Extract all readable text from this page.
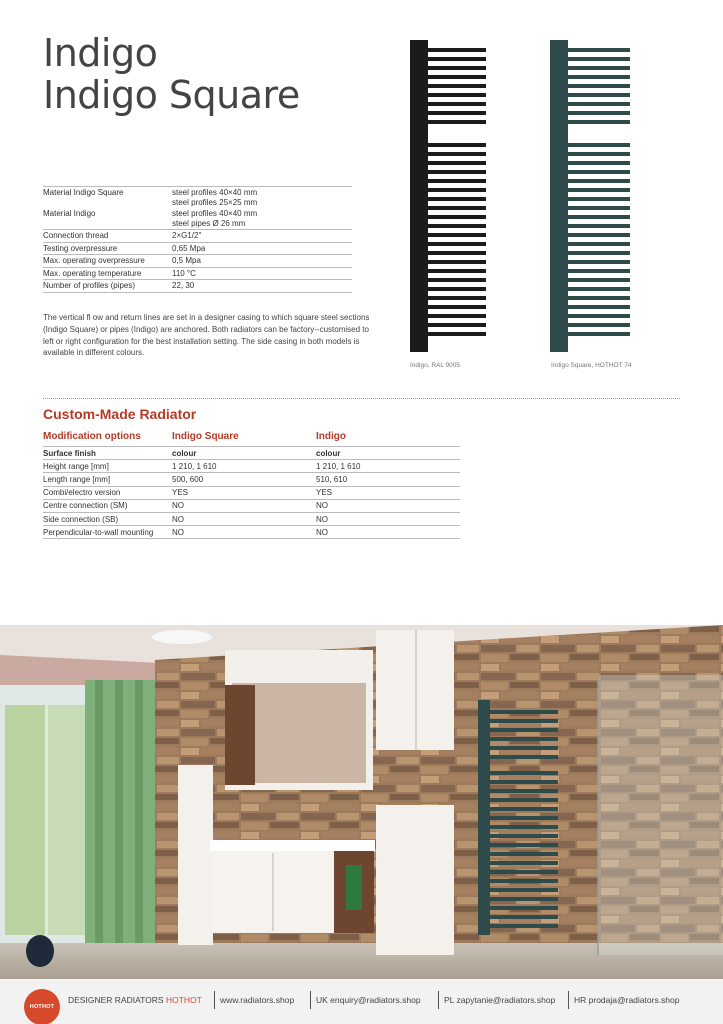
Indigo
Indigo Square
Material Indigo Square	steel profiles 40×40 mm
steel profiles 25×25 mm

Material Indigo	steel profiles 40×40 mm
steel pipes Ø 26 mm

Connection thread	2×G1/2"
Testing overpressure	0,65 Mpa
Max. operating overpressure	0,5 Mpa
Max. operating temperature	110 °C
Number of profiles (pipes)	22, 30
The vertical fl ow and return lines are set in a designer casing to which square steel sections (Indigo Square) or pipes (Indigo) are anchored. Both radiators can be factory--customised to left or right configuration for the best installation setting. The side casing in both models is available in different colours.
Indigo, RAL 9005	Indigo Square, HOTHOT 74
Custom-Made Radiator
Modification options	Indigo Square	Indigo
Surface finish	colour	colour
Height range [mm]	1 210, 1 610	1 210, 1 610
Length range [mm]	500, 600	510, 610
Combi/electro version	YES	YES
Centre connection (SM)	NO	NO
Side connection (SB)	NO	NO
Perpendicular-to-wall mounting	NO	NO
HOTHOT
DESIGNER RADIATORS HOTHOT www.radiators.shop	UK enquiry@radiators.shop	PL zapytanie@radiators.shop HR prodaja@radiators.shop
